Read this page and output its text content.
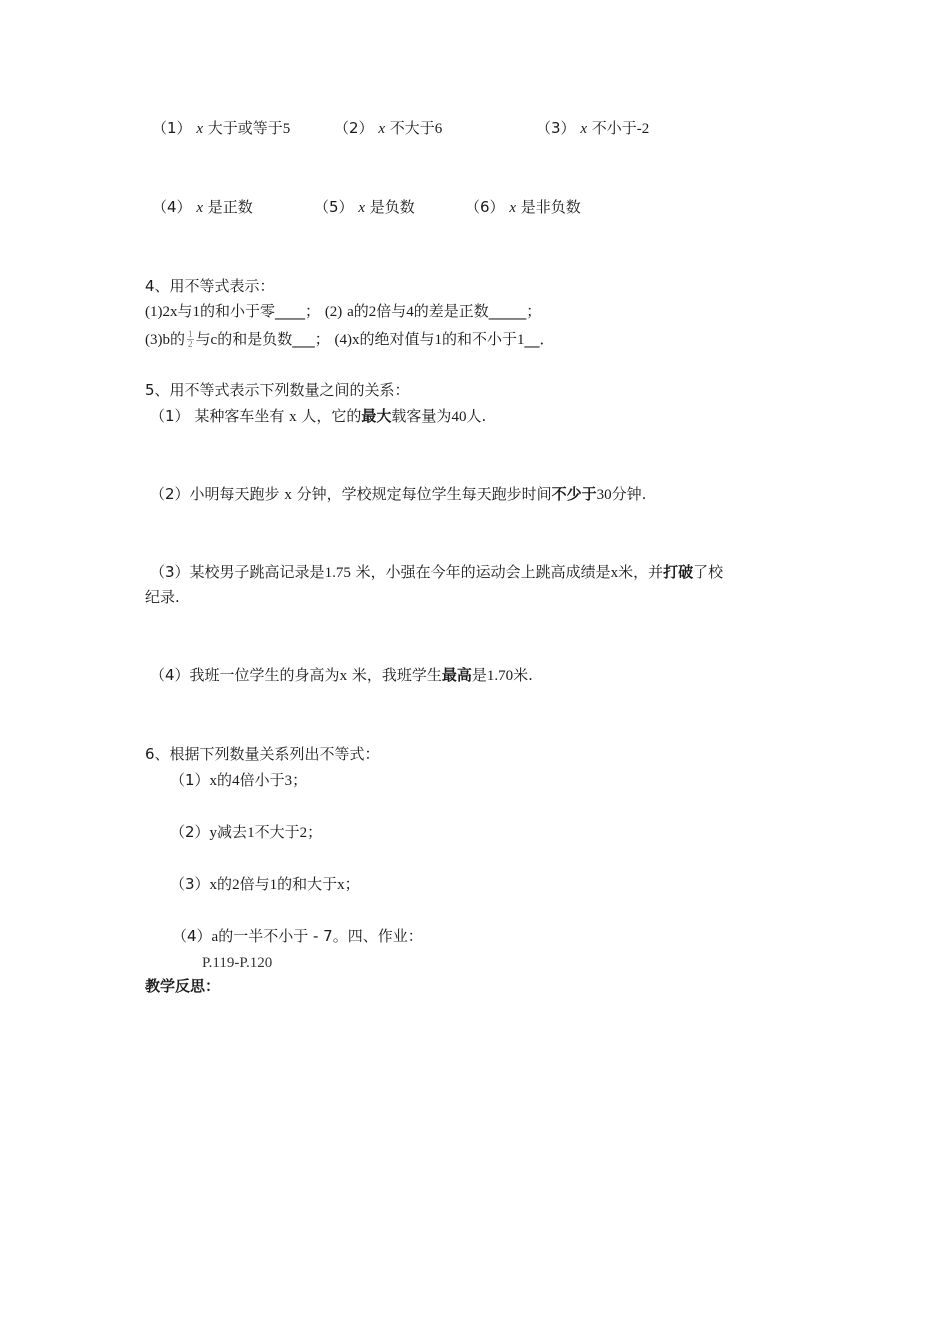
（1） x 大于或等于5	（2） x 不大于6	（3） x 不小于-2
（4） x 是正数	（5） x 是负数	（6） x 是非负数
4、用不等式表示：
(1)2x与1的和小于零____； (2) a的2倍与4的差是正数_____；
(3)b的 $\frac{1}{2}$ 与c的和是负数___； (4)x的绝对值与1的和不小于1__．
5、用不等式表示下列数量之间的关系：
（1） 某种客车坐有 x 人，它的最大载客量为40人.
（2）小明每天跑步 x 分钟，学校规定每位学生每天跑步时间不少于30分钟.
（3）某校男子跳高记录是1.75 米，小强在今年的运动会上跳高成绩是x米，并打破了校
纪录.
（4）我班一位学生的身高为x 米，我班学生最高是1.70米.
6、根据下列数量关系列出不等式：
（1）x的4倍小于3；
（2）y减去1不大于2；
（3）x的2倍与1的和大于x；
（4）a的一半不小于 - 7。四、作业：
P.119-P.120
教学反思：
